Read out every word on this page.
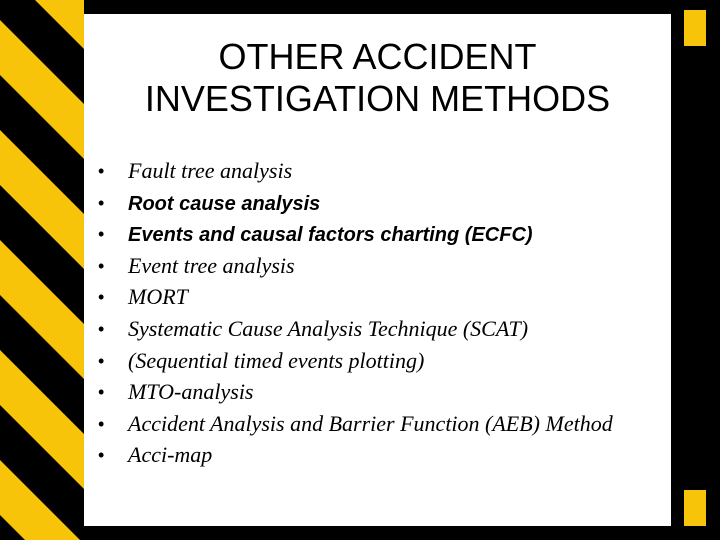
OTHER ACCIDENT
INVESTIGATION METHODS
• Fault tree analysis
• Root cause analysis
• Events and causal factors charting (ECFC)
• Event tree analysis
• MORT
• Systematic Cause Analysis Technique (SCAT)
• (Sequential timed events plotting)
• MTO-analysis
• Accident Analysis and Barrier Function (AEB) Method
• Acci-map
